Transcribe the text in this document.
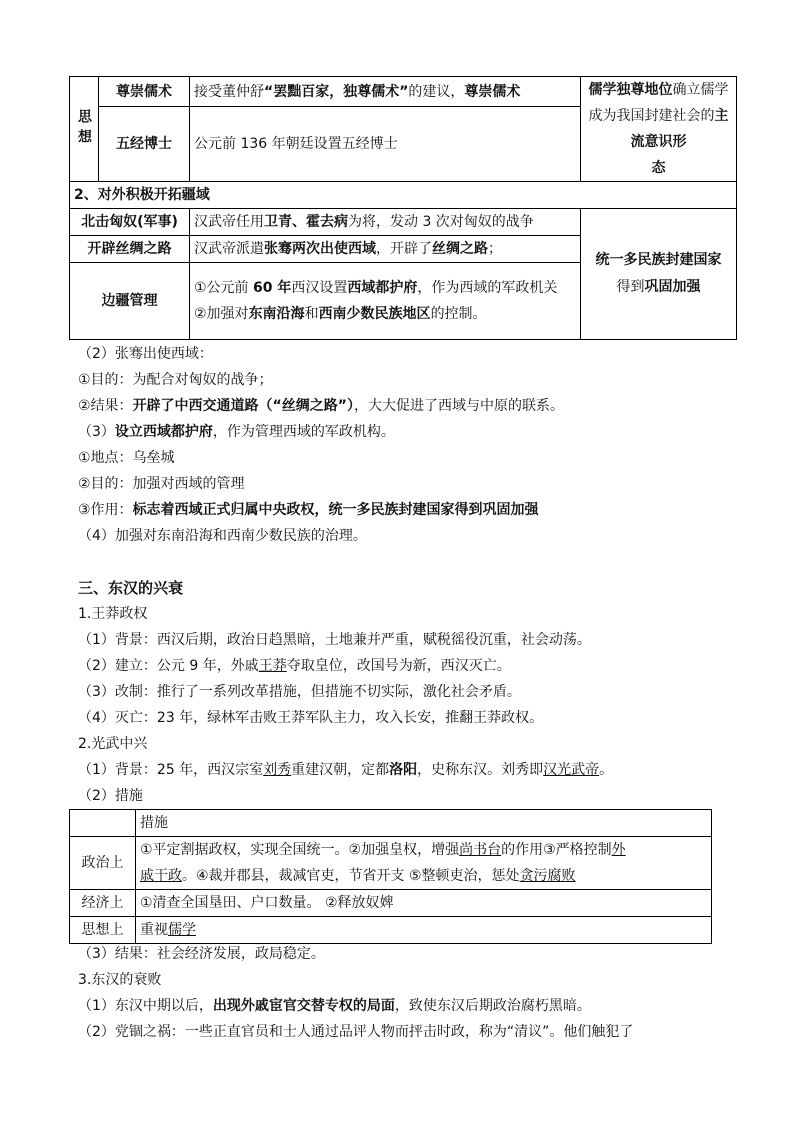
思想	尊崇儒术	接受董仲舒“罢黜百家，独尊儒术”的建议，尊崇儒术	儒学独尊地位确立儒学成为我国封建社会的主流意识形
态
	五经博士	公元前 136 年朝廷设置五经博士	
2、对外积极开拓疆域			
北击匈奴(军事)		汉武帝任用卫青、霍去病为将，发动 3 次对匈奴的战争	统一多民族封建国家
得到巩固加强
开辟丝绸之路		汉武帝派遣张骞两次出使西域，开辟了丝绸之路；	
边疆管理		①公元前 60 年西汉设置西域都护府，作为西域的军政机关
②加强对东南沿海和西南少数民族地区的控制。	
（2）张骞出使西域：
①目的：为配合对匈奴的战争；
②结果：开辟了中西交通道路（“丝绸之路”），大大促进了西域与中原的联系。
（3）设立西域都护府，作为管理西域的军政机构。
①地点：乌垒城
②目的：加强对西域的管理
③作用：标志着西域正式归属中央政权，统一多民族封建国家得到巩固加强
（4）加强对东南沿海和西南少数民族的治理。
三、东汉的兴衰
1.王莽政权
（1）背景：西汉后期，政治日趋黑暗，土地兼并严重，赋税徭役沉重，社会动荡。
（2）建立：公元 9 年，外戚王莽夺取皇位，改国号为新，西汉灭亡。
（3）改制：推行了一系列改革措施，但措施不切实际，激化社会矛盾。
（4）灭亡：23 年，绿林军击败王莽军队主力，攻入长安，推翻王莽政权。
2.光武中兴
（1）背景：25 年，西汉宗室刘秀重建汉朝，定都洛阳，史称东汉。刘秀即汉光武帝。
（2）措施
	措施
政治上	①平定割据政权，实现全国统一。②加强皇权，增强尚书台的作用③严格控制外
戚干政。④裁并郡县，裁减官吏，节省开支 ⑤整顿吏治，惩处贪污腐败
经济上	①清查全国垦田、户口数量。 ②释放奴婢
思想上	重视儒学
（3）结果：社会经济发展，政局稳定。
3.东汉的衰败
（1）东汉中期以后，出现外戚宦官交替专权的局面，致使东汉后期政治腐朽黑暗。
（2）党锢之祸：一些正直官员和士人通过品评人物而抨击时政，称为“清议”。他们触犯了
